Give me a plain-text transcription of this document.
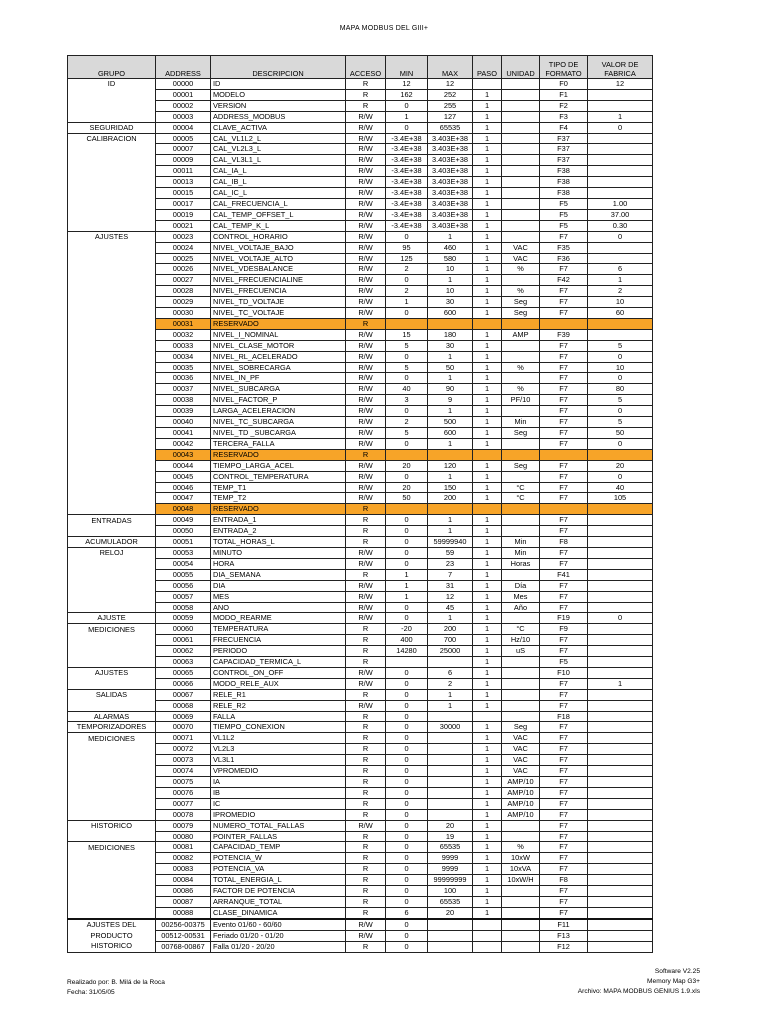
MAPA MODBUS DEL GIII+
GRUPO	ADDRESS	DESCRIPCION	ACCESO	MIN	MAX	PASO	UNIDAD	TIPO DE FORMATO	VALOR DE FABRICA
ID	00000	ID	R	12	12			F0	12
	00001	MODELO	R	162	252	1		F1	
	00002	VERSION	R	0	255	1		F2	
	00003	ADDRESS_MODBUS	R/W	1	127	1		F3	1
SEGURIDAD	00004	CLAVE_ACTIVA	R/W	0	65535	1		F4	0
CALIBRACION	00005	CAL_VL1L2_L	R/W	-3.4E+38	3.403E+38	1		F37	
	00007	CAL_VL2L3_L	R/W	-3.4E+38	3.403E+38	1		F37	
	00009	CAL_VL3L1_L	R/W	-3.4E+38	3.403E+38	1		F37	
	00011	CAL_IA_L	R/W	-3.4E+38	3.403E+38	1		F38	
	00013	CAL_IB_L	R/W	-3.4E+38	3.403E+38	1		F38	
	00015	CAL_IC_L	R/W	-3.4E+38	3.403E+38	1		F38	
	00017	CAL_FRECUENCIA_L	R/W	-3.4E+38	3.403E+38	1		F5	1.00
	00019	CAL_TEMP_OFFSET_L	R/W	-3.4E+38	3.403E+38	1		F5	37.00
	00021	CAL_TEMP_K_L	R/W	-3.4E+38	3.403E+38	1		F5	0.30
AJUSTES	00023	CONTROL_HORARIO	R/W	0	1	1		F7	0
	00024	NIVEL_VOLTAJE_BAJO	R/W	95	460	1	VAC	F35	
	00025	NIVEL_VOLTAJE_ALTO	R/W	125	580	1	VAC	F36	
	00026	NIVEL_VDESBALANCE	R/W	2	10	1	%	F7	6
	00027	NIVEL_FRECUENCIALINE	R/W	0	1	1		F42	1
	00028	NIVEL_FRECUENCIA	R/W	2	10	1	%	F7	2
	00029	NIVEL_TD_VOLTAJE	R/W	1	30	1	Seg	F7	10
	00030	NIVEL_TC_VOLTAJE	R/W	0	600	1	Seg	F7	60
	00031	RESERVADO	R						
	00032	NIVEL_I_NOMINAL	R/W	15	180	1	AMP	F39	
	00033	NIVEL_CLASE_MOTOR	R/W	5	30	1		F7	5
	00034	NIVEL_RL_ACELERADO	R/W	0	1	1		F7	0
	00035	NIVEL_SOBRECARGA	R/W	5	50	1	%	F7	10
	00036	NIVEL_IN_PF	R/W	0	1	1		F7	0
	00037	NIVEL_SUBCARGA	R/W	40	90	1	%	F7	80
	00038	NIVEL_FACTOR_P	R/W	3	9	1	PF/10	F7	5
	00039	LARGA_ACELERACION	R/W	0	1	1		F7	0
	00040	NIVEL_TC_SUBCARGA	R/W	2	500	1	Min	F7	5
	00041	NIVEL_TD _SUBCARGA	R/W	5	600	1	Seg	F7	50
	00042	TERCERA_FALLA	R/W	0	1	1		F7	0
	00043	RESERVADO	R						
	00044	TIEMPO_LARGA_ACEL	R/W	20	120	1	Seg	F7	20
	00045	CONTROL_TEMPERATURA	R/W	0	1	1		F7	0
	00046	TEMP_T1	R/W	20	150	1	°C	F7	40
	00047	TEMP_T2	R/W	50	200	1	°C	F7	105
	00048	RESERVADO	R						
ENTRADAS	00049	ENTRADA_1	R	0	1	1		F7	
	00050	ENTRADA_2	R	0	1	1		F7	
ACUMULADOR	00051	TOTAL_HORAS_L	R	0	59999940	1	Min	F8	
RELOJ	00053	MINUTO	R/W	0	59	1	Min	F7	
	00054	HORA	R/W	0	23	1	Horas	F7	
	00055	DIA_SEMANA	R	1	7	1		F41	
	00056	DIA	R/W	1	31	1	Día	F7	
	00057	MES	R/W	1	12	1	Mes	F7	
	00058	ANO	R/W	0	45	1	Año	F7	
AJUSTE	00059	MODO_REARME	R/W	0	1	1		F19	0
MEDICIONES	00060	TEMPERATURA	R	-20	200	1	°C	F9	
	00061	FRECUENCIA	R	400	700	1	Hz/10	F7	
	00062	PERIODO	R	14280	25000	1	uS	F7	
	00063	CAPACIDAD_TERMICA_L	R			1		F5	
AJUSTES	00065	CONTROL_ON_OFF	R/W	0	6	1		F10	
	00066	MODO_RELE_AUX	R/W	0	2	1		F7	1
SALIDAS	00067	RELE_R1	R	0	1	1		F7	
	00068	RELE_R2	R/W	0	1	1		F7	
ALARMAS	00069	FALLA	R	0				F18	
TEMPORIZADORES	00070	TIEMPO_CONEXION	R	0	30000	1	Seg	F7	
MEDICIONES	00071	VL1L2	R	0		1	VAC	F7	
	00072	VL2L3	R	0		1	VAC	F7	
	00073	VL3L1	R	0		1	VAC	F7	
	00074	VPROMEDIO	R	0		1	VAC	F7	
	00075	IA	R	0		1	AMP/10	F7	
	00076	IB	R	0		1	AMP/10	F7	
	00077	IC	R	0		1	AMP/10	F7	
	00078	IPROMEDIO	R	0		1	AMP/10	F7	
HISTORICO	00079	NUMERO_TOTAL_FALLAS	R/W	0	20	1		F7	
	00080	POINTER_FALLAS	R	0	19	1		F7	
MEDICIONES	00081	CAPACIDAD_TEMP	R	0	65535	1	%	F7	
	00082	POTENCIA_W	R	0	9999	1	10xW	F7	
	00083	POTENCIA_VA	R	0	9999	1	10xVA	F7	
	00084	TOTAL_ENERGIA_L	R	0	99999999	1	10xW/H	F8	
	00086	FACTOR DE POTENCIA	R	0	100	1		F7	
	00087	ARRANQUE_TOTAL	R	0	65535	1		F7	
	00088	CLASE_DINAMICA	R	6	20	1		F7	
AJUSTES DEL	00256-00375	Evento 01/60 - 60/60	R/W	0				F11	
PRODUCTO	00512-00531	Feriado 01/20 - 01/20	R/W	0				F13	
HISTORICO	00768-00867	Falla 01/20 - 20/20	R	0				F12	
Realizado por: B. Milá de la Roca
Fecha: 31/05/05
Software V2.25
Memory Map G3+
Archivo: MAPA MODBUS GENIUS 1.9.xls
